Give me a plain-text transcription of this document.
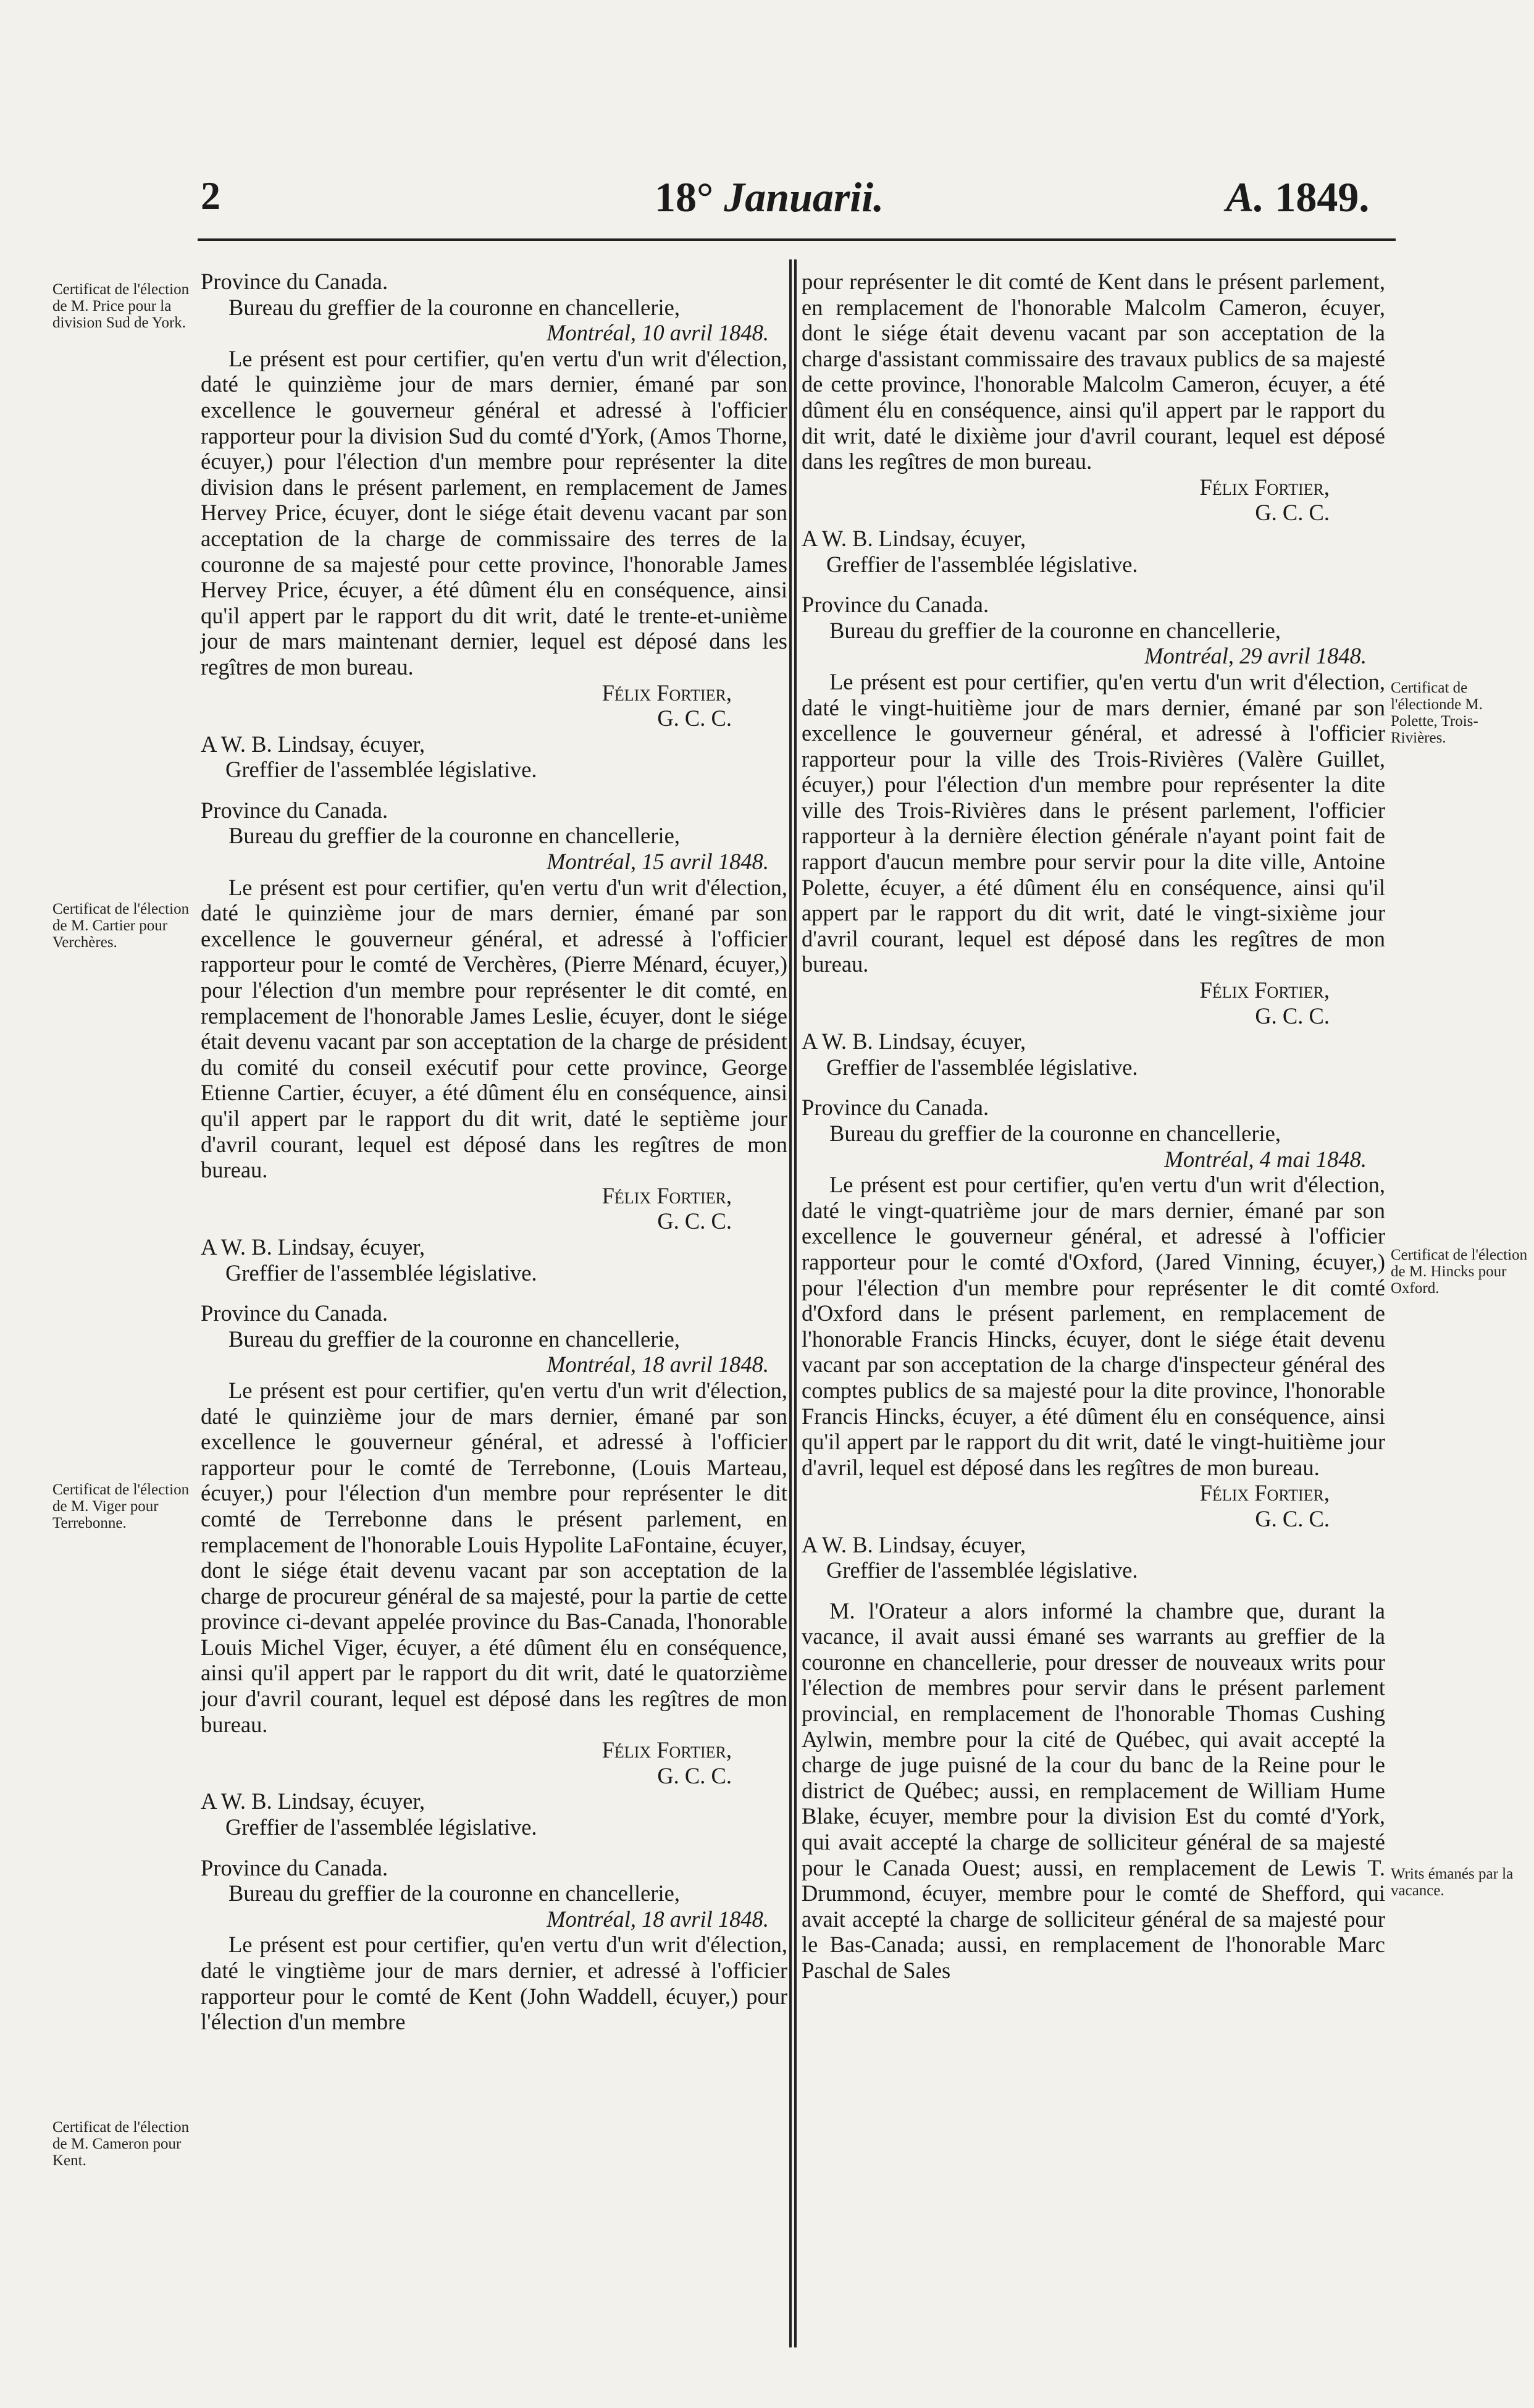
2	18° Januarii.	A. 1849.
Certificat de l'élection de M. Price pour la division Sud de York.
Certificat de l'élection de M. Cartier pour Verchères.
Certificat de l'élection de M. Viger pour Terrebonne.
Certificat de l'élection de M. Cameron pour Kent.
Certificat de l'électionde M. Polette, Trois-Rivières.
Certificat de l'élection de M. Hincks pour Oxford.
Writs émanés par la vacance.

Province du Canada.

Bureau du greffier de la couronne en chancellerie,

Montréal, 10 avril 1848.

Le présent est pour certifier, qu'en vertu d'un writ d'élection, daté le quinzième jour de mars dernier, émané par son excellence le gouverneur général et adressé à l'officier rapporteur pour la division Sud du comté d'York, (Amos Thorne, écuyer,) pour l'élection d'un membre pour représenter la dite division dans le présent parlement, en remplacement de James Hervey Price, écuyer, dont le siége était devenu vacant par son acceptation de la charge de commissaire des terres de la couronne de sa majesté pour cette province, l'honorable James Hervey Price, écuyer, a été dûment élu en conséquence, ainsi qu'il appert par le rapport du dit writ, daté le trente-et-unième jour de mars maintenant dernier, lequel est déposé dans les regîtres de mon bureau.

Félix Fortier,

G. C. C.

A W. B. Lindsay, écuyer,

Greffier de l'assemblée législative.

Province du Canada.

Bureau du greffier de la couronne en chancellerie,

Montréal, 15 avril 1848.

Le présent est pour certifier, qu'en vertu d'un writ d'élection, daté le quinzième jour de mars dernier, émané par son excellence le gouverneur général, et adressé à l'officier rapporteur pour le comté de Verchères, (Pierre Ménard, écuyer,) pour l'élection d'un membre pour représenter le dit comté, en remplacement de l'honorable James Leslie, écuyer, dont le siége était devenu vacant par son acceptation de la charge de président du comité du conseil exécutif pour cette province, George Etienne Cartier, écuyer, a été dûment élu en conséquence, ainsi qu'il appert par le rapport du dit writ, daté le septième jour d'avril courant, lequel est déposé dans les regîtres de mon bureau.

Félix Fortier,

G. C. C.

A W. B. Lindsay, écuyer,

Greffier de l'assemblée législative.

Province du Canada.

Bureau du greffier de la couronne en chancellerie,

Montréal, 18 avril 1848.

Le présent est pour certifier, qu'en vertu d'un writ d'élection, daté le quinzième jour de mars dernier, émané par son excellence le gouverneur général, et adressé à l'officier rapporteur pour le comté de Terrebonne, (Louis Marteau, écuyer,) pour l'élection d'un membre pour représenter le dit comté de Terrebonne dans le présent parlement, en remplacement de l'honorable Louis Hypolite LaFontaine, écuyer, dont le siége était devenu vacant par son acceptation de la charge de procureur général de sa majesté, pour la partie de cette province ci-devant appelée province du Bas-Canada, l'honorable Louis Michel Viger, écuyer, a été dûment élu en conséquence, ainsi qu'il appert par le rapport du dit writ, daté le quatorzième jour d'avril courant, lequel est déposé dans les regîtres de mon bureau.

Félix Fortier,

G. C. C.

A W. B. Lindsay, écuyer,

Greffier de l'assemblée législative.

Province du Canada.

Bureau du greffier de la couronne en chancellerie,

Montréal, 18 avril 1848.

Le présent est pour certifier, qu'en vertu d'un writ d'élection, daté le vingtième jour de mars dernier, et adressé à l'officier rapporteur pour le comté de Kent (John Waddell, écuyer,) pour l'élection d'un membre

pour représenter le dit comté de Kent dans le présent parlement, en remplacement de l'honorable Malcolm Cameron, écuyer, dont le siége était devenu vacant par son acceptation de la charge d'assistant commissaire des travaux publics de sa majesté de cette province, l'honorable Malcolm Cameron, écuyer, a été dûment élu en conséquence, ainsi qu'il appert par le rapport du dit writ, daté le dixième jour d'avril courant, lequel est déposé dans les regîtres de mon bureau.

Félix Fortier,

G. C. C.

A W. B. Lindsay, écuyer,

Greffier de l'assemblée législative.

Province du Canada.

Bureau du greffier de la couronne en chancellerie,

Montréal, 29 avril 1848.

Le présent est pour certifier, qu'en vertu d'un writ d'élection, daté le vingt-huitième jour de mars dernier, émané par son excellence le gouverneur général, et adressé à l'officier rapporteur pour la ville des Trois-Rivières (Valère Guillet, écuyer,) pour l'élection d'un membre pour représenter la dite ville des Trois-Rivières dans le présent parlement, l'officier rapporteur à la dernière élection générale n'ayant point fait de rapport d'aucun membre pour servir pour la dite ville, Antoine Polette, écuyer, a été dûment élu en conséquence, ainsi qu'il appert par le rapport du dit writ, daté le vingt-sixième jour d'avril courant, lequel est déposé dans les regîtres de mon bureau.

Félix Fortier,

G. C. C.

A W. B. Lindsay, écuyer,

Greffier de l'assemblée législative.

Province du Canada.

Bureau du greffier de la couronne en chancellerie,

Montréal, 4 mai 1848.

Le présent est pour certifier, qu'en vertu d'un writ d'élection, daté le vingt-quatrième jour de mars dernier, émané par son excellence le gouverneur général, et adressé à l'officier rapporteur pour le comté d'Oxford, (Jared Vinning, écuyer,) pour l'élection d'un membre pour représenter le dit comté d'Oxford dans le présent parlement, en remplacement de l'honorable Francis Hincks, écuyer, dont le siége était devenu vacant par son acceptation de la charge d'inspecteur général des comptes publics de sa majesté pour la dite province, l'honorable Francis Hincks, écuyer, a été dûment élu en conséquence, ainsi qu'il appert par le rapport du dit writ, daté le vingt-huitième jour d'avril, lequel est déposé dans les regîtres de mon bureau.

Félix Fortier,

G. C. C.

A W. B. Lindsay, écuyer,

Greffier de l'assemblée législative.

M. l'Orateur a alors informé la chambre que, durant la vacance, il avait aussi émané ses warrants au greffier de la couronne en chancellerie, pour dresser de nouveaux writs pour l'élection de membres pour servir dans le présent parlement provincial, en remplacement de l'honorable Thomas Cushing Aylwin, membre pour la cité de Québec, qui avait accepté la charge de juge puisné de la cour du banc de la Reine pour le district de Québec; aussi, en remplacement de William Hume Blake, écuyer, membre pour la division Est du comté d'York, qui avait accepté la charge de solliciteur général de sa majesté pour le Canada Ouest; aussi, en remplacement de Lewis T. Drummond, écuyer, membre pour le comté de Shefford, qui avait accepté la charge de solliciteur général de sa majesté pour le Bas-Canada; aussi, en remplacement de l'honorable Marc Paschal de Sales
